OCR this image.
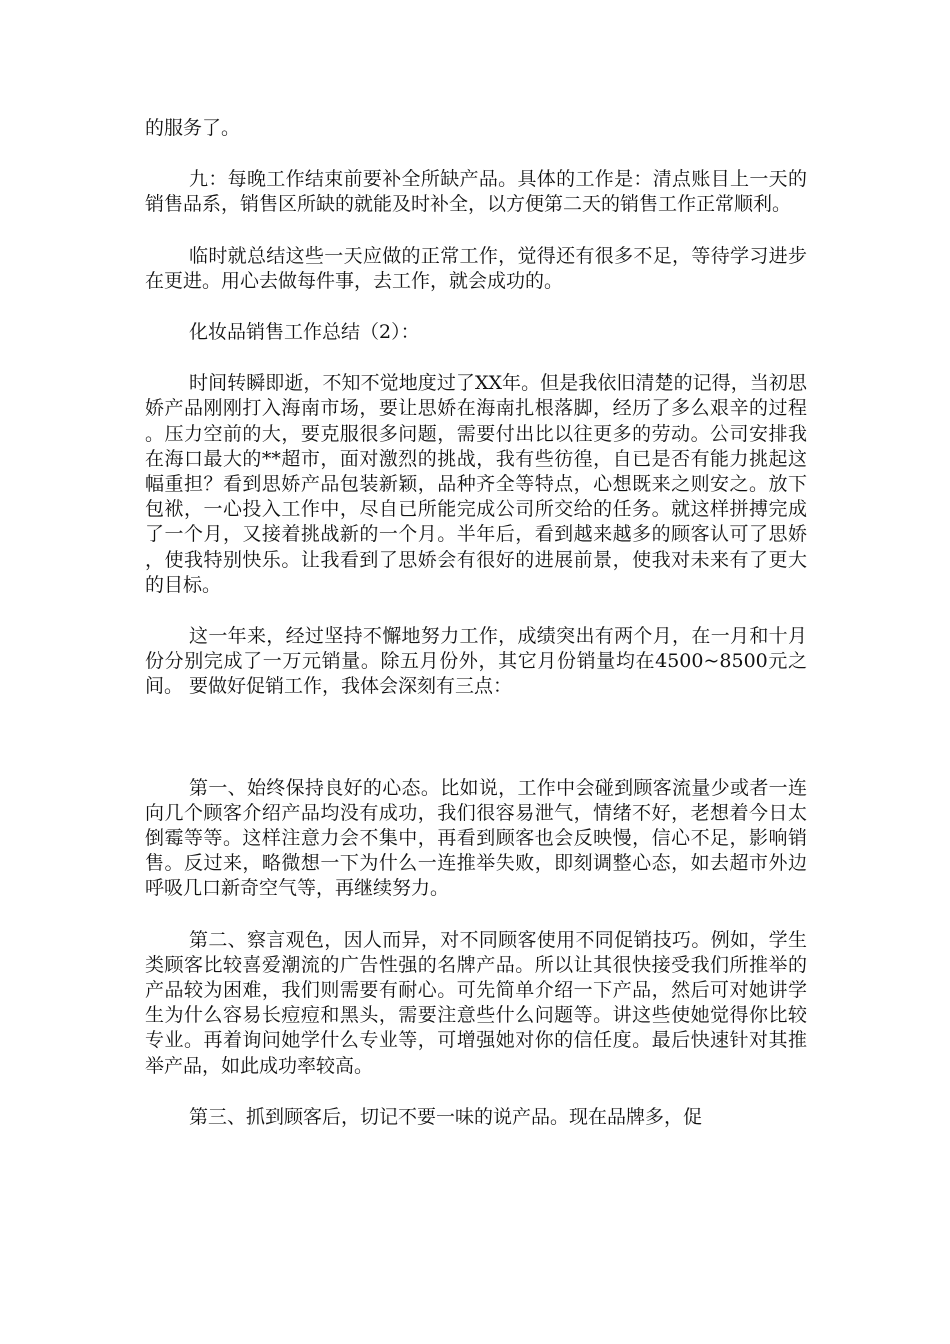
的服务了。

九：每晚工作结束前要补全所缺产品。具体的工作是：清点账目上一天的销售品系，销售区所缺的就能及时补全，以方便第二天的销售工作正常顺利。

临时就总结这些一天应做的正常工作，觉得还有很多不足，等待学习进步在更进。用心去做每件事，去工作，就会成功的。

化妆品销售工作总结（2）：

时间转瞬即逝，不知不觉地度过了XX年。但是我依旧清楚的记得，当初思娇产品刚刚打入海南市场，要让思娇在海南扎根落脚，经历了多么艰辛的过程。压力空前的大，要克服很多问题，需要付出比以往更多的劳动。公司安排我在海口最大的**超市，面对激烈的挑战，我有些彷徨，自已是否有能力挑起这幅重担？看到思娇产品包装新颖，品种齐全等特点，心想既来之则安之。放下包袱，一心投入工作中，尽自已所能完成公司所交给的任务。就这样拼搏完成了一个月，又接着挑战新的一个月。半年后，看到越来越多的顾客认可了思娇，使我特别快乐。让我看到了思娇会有很好的进展前景，使我对未来有了更大的目标。

这一年来，经过坚持不懈地努力工作，成绩突出有两个月，在一月和十月份分别完成了一万元销量。除五月份外，其它月份销量均在4500~8500元之间。 要做好促销工作，我体会深刻有三点：

第一、始终保持良好的心态。比如说，工作中会碰到顾客流量少或者一连向几个顾客介绍产品均没有成功，我们很容易泄气，情绪不好，老想着今日太倒霉等等。这样注意力会不集中，再看到顾客也会反映慢，信心不足，影响销售。反过来，略微想一下为什么一连推举失败，即刻调整心态，如去超市外边呼吸几口新奇空气等，再继续努力。

第二、察言观色，因人而异，对不同顾客使用不同促销技巧。例如，学生类顾客比较喜爱潮流的广告性强的名牌产品。所以让其很快接受我们所推举的产品较为困难，我们则需要有耐心。可先简单介绍一下产品，然后可对她讲学生为什么容易长痘痘和黑头，需要注意些什么问题等。讲这些使她觉得你比较专业。再着询问她学什么专业等，可增强她对你的信任度。最后快速针对其推举产品，如此成功率较高。

第三、抓到顾客后，切记不要一味的说产品。现在品牌多，促
